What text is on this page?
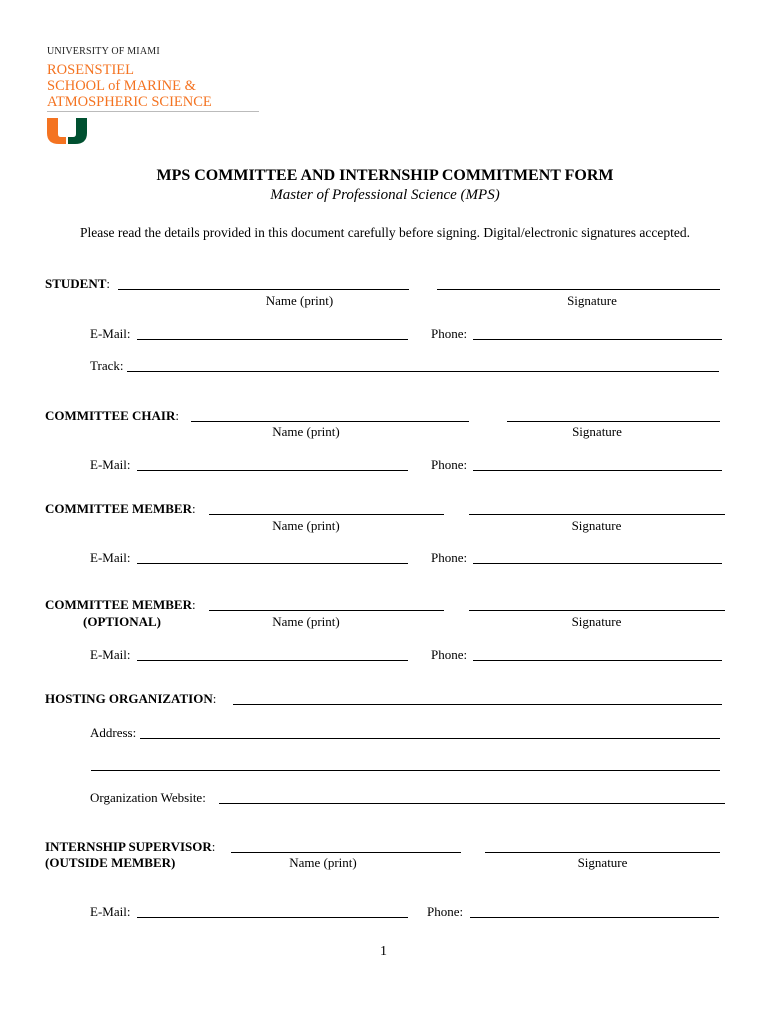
UNIVERSITY OF MIAMI
ROSENSTIEL
SCHOOL of MARINE &
ATMOSPHERIC SCIENCE
MPS COMMITTEE AND INTERNSHIP COMMITMENT FORM
Master of Professional Science (MPS)
Please read the details provided in this document carefully before signing. Digital/electronic signatures accepted.
STUDENT:
Name (print)	Signature
E-Mail:	Phone:
Track:
COMMITTEE CHAIR:
Name (print)	Signature
E-Mail:	Phone:
COMMITTEE MEMBER:
Name (print)	Signature
E-Mail:	Phone:
COMMITTEE MEMBER:
(OPTIONAL)	Name (print)	Signature
E-Mail:	Phone:
HOSTING ORGANIZATION:
Address:
Organization Website:
INTERNSHIP SUPERVISOR:
(OUTSIDE MEMBER)	Name (print)	Signature
E-Mail:	Phone:
1
